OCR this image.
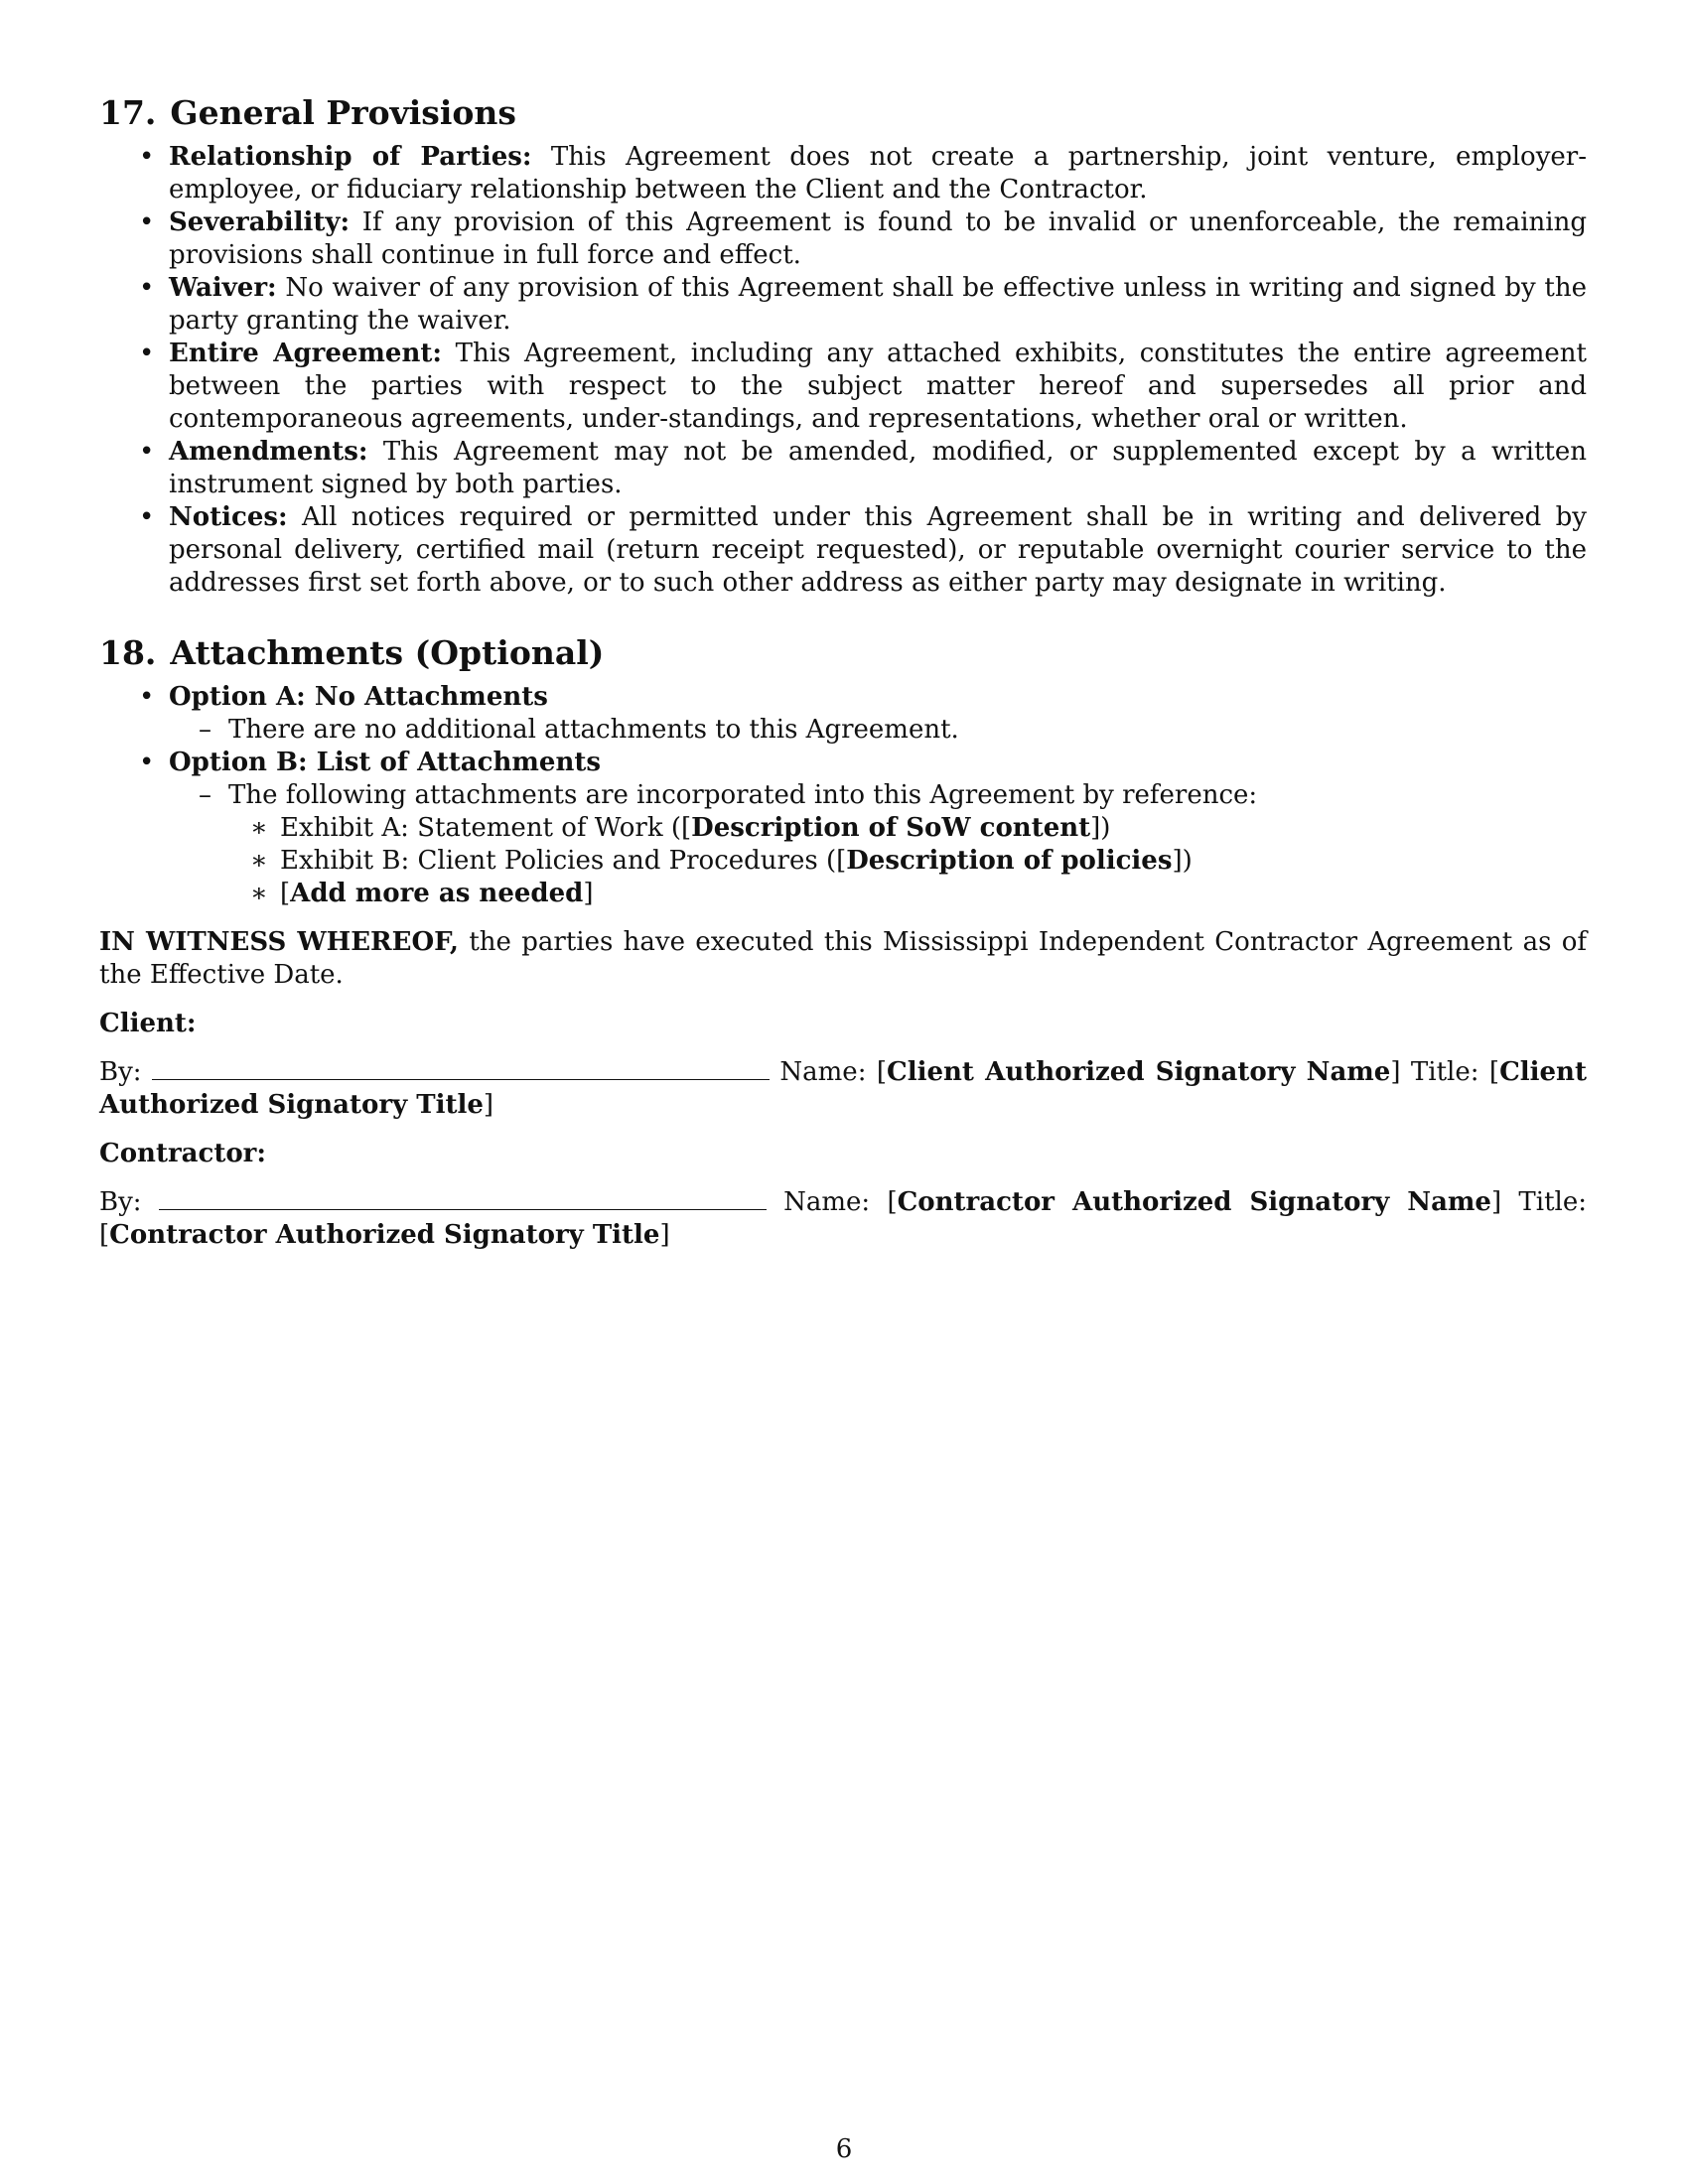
17. General Provisions
• Relationship of Parties: This Agreement does not create a partnership, joint venture, employer-employee, or fiduciary relationship between the Client and the Contractor.
• Severability: If any provision of this Agreement is found to be invalid or unenforceable, the remaining provisions shall continue in full force and effect.
• Waiver: No waiver of any provision of this Agreement shall be effective unless in writing and signed by the party granting the waiver.
• Entire Agreement: This Agreement, including any attached exhibits, constitutes the entire agreement between the parties with respect to the subject matter hereof and supersedes all prior and contemporaneous agreements, under-standings, and representations, whether oral or written.
• Amendments: This Agreement may not be amended, modified, or supplemented except by a written instrument signed by both parties.
• Notices: All notices required or permitted under this Agreement shall be in writing and delivered by personal delivery, certified mail (return receipt requested), or reputable overnight courier service to the addresses first set forth above, or to such other address as either party may designate in writing.
18. Attachments (Optional)
• Option A: No Attachments
– There are no additional attachments to this Agreement.
• Option B: List of Attachments
– The following attachments are incorporated into this Agreement by reference:
∗ Exhibit A: Statement of Work ([Description of SoW content])
∗ Exhibit B: Client Policies and Procedures ([Description of policies])
∗ [Add more as needed]

IN WITNESS WHEREOF, the parties have executed this Mississippi Independent Contractor Agreement as of the Effective Date.

Client:
By:	Name: [Client Authorized Signatory Name] Title: [Client Authorized Signatory Title]
Contractor:
By:	Name: [Contractor Authorized Signatory Name] Title: [Contractor Authorized Signatory Title]
6
